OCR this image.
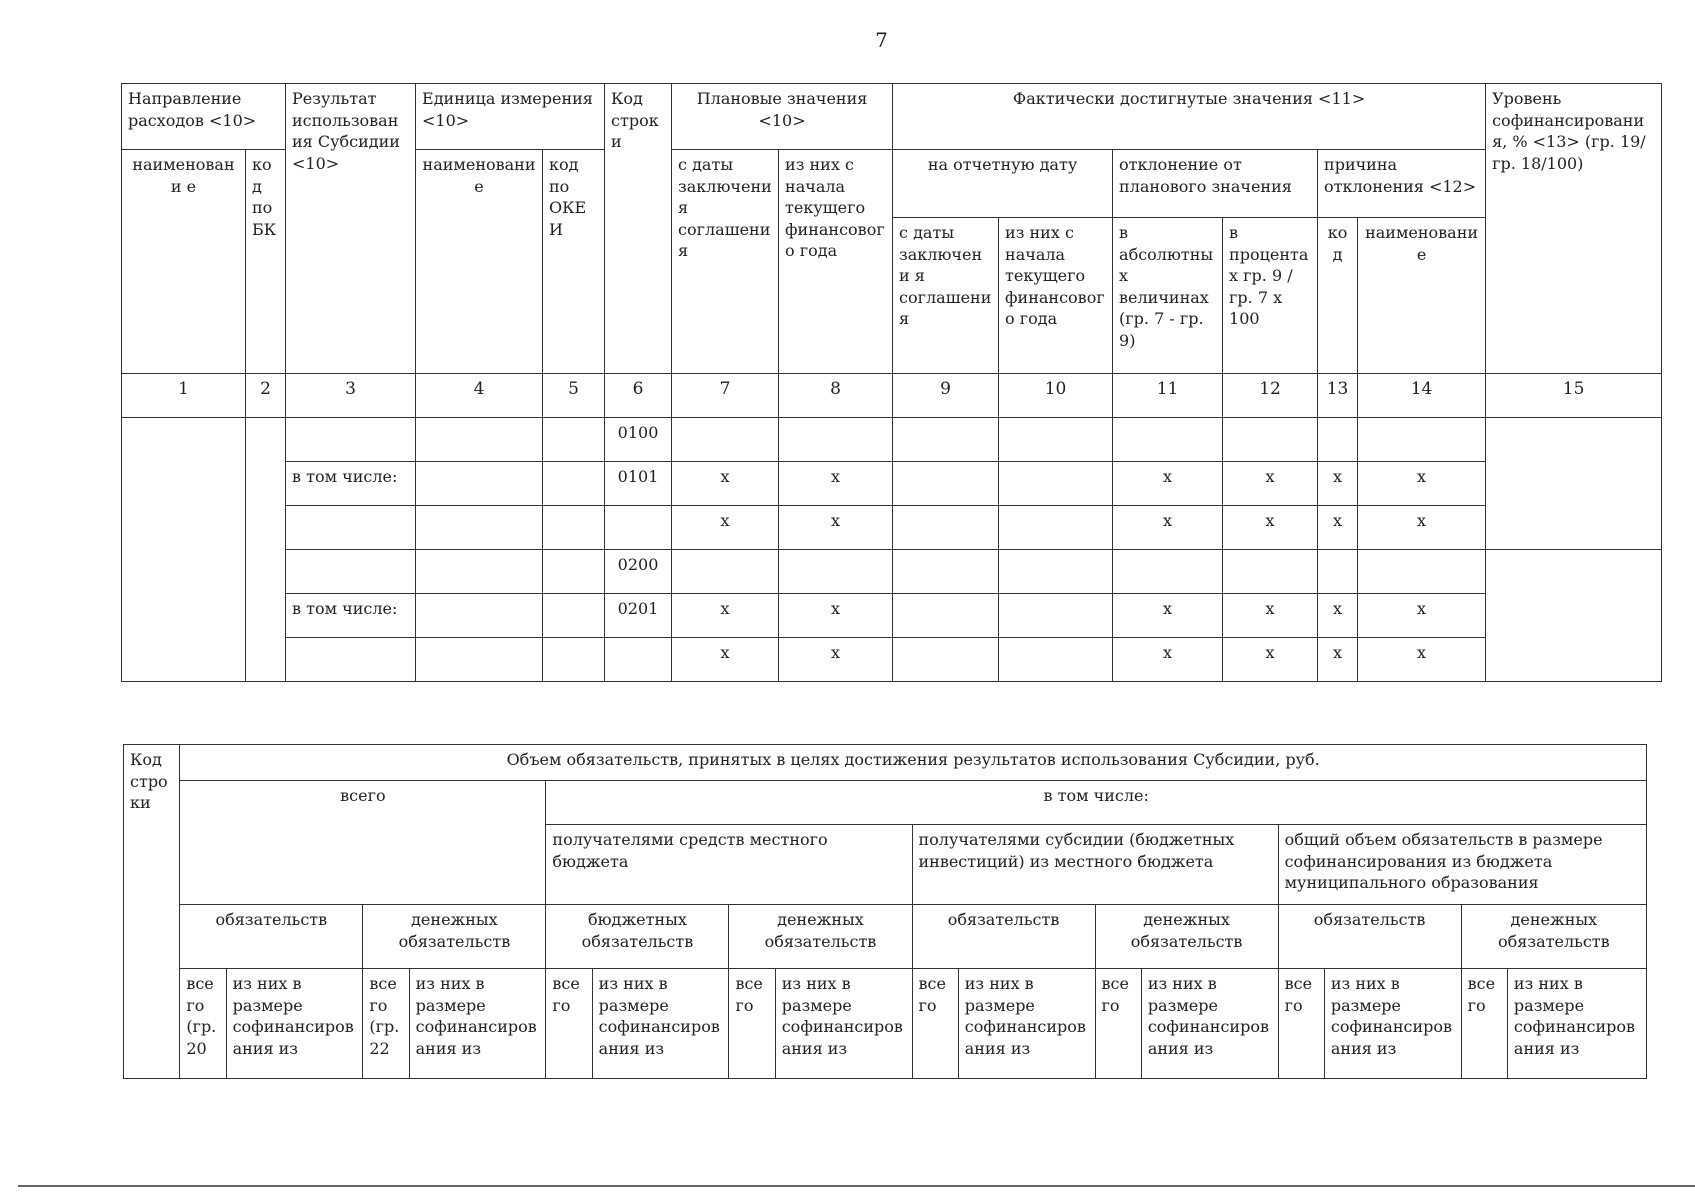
7
Направление расходов <10>		Результат использован ия Субсидии <10>	Единица измерения <10>		Код строк и	Плановые значения <10>		Фактически достигнутые значения <11>						Уровень софинансировани я, % <13> (гр. 19/гр. 18/100)
наименовани е	ко д по БК		наименовани е	код по ОКЕ И		с даты заключени я соглашени я	из них с начала текущего финансовог о года	на отчетную дату		отклонение от планового значения		причина отклонения <12>		
								с даты заключени я соглашени я	из них с начала текущего финансовог о года	в абсолютны х величинах (гр. 7 - гр. 9)	в процента х гр. 9 / гр. 7 x 100	ко д	наименовани е	
1	2	3	4	5	6	7	8	9	10	11	12	13	14	15
					0100									
		в том числе:			0101	x	x			x	x	x	x	
						x	x			x	x	x	x	
					0200									
		в том числе:			0201	x	x			x	x	x	x	
						x	x			x	x	x	x	
Код стро ки	Объем обязательств, принятых в целях достижения результатов использования Субсидии, руб.															
	всего				в том числе:											
					получателями средств местного бюджета				получателями субсидии (бюджетных инвестиций) из местного бюджета				общий объем обязательств в размере софинансирования из бюджета муниципального образования			
	обязательств		денежных обязательств		бюджетных обязательств		денежных обязательств		обязательств		денежных обязательств		обязательств		денежных обязательств	
	все го (гр. 20	из них в размере софинансиров ания из	все го (гр. 22	из них в размере софинансиров ания из	все го	из них в размере софинансиров ания из	все го	из них в размере софинансиров ания из	все го	из них в размере софинансиров ания из	все го	из них в размере софинансиров ания из	все го	из них в размере софинансиров ания из	все го	из них в размере софинансиров ания из
